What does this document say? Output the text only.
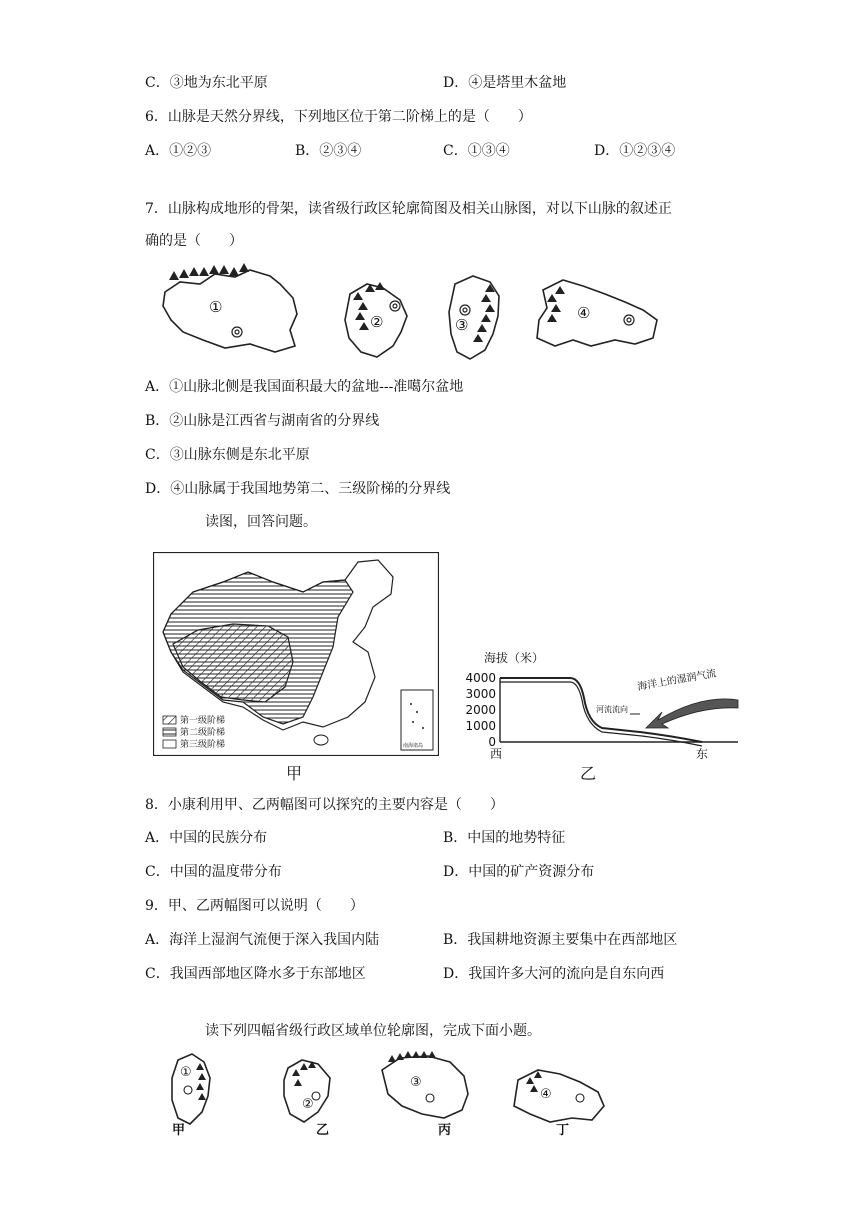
C．③地为东北平原	D．④是塔里木盆地
6．山脉是天然分界线，下列地区位于第二阶梯上的是（　　）
A．①②③	B．②③④	C．①③④	D．①②③④
7．山脉构成地形的骨架，读省级行政区轮廓简图及相关山脉图，对以下山脉的叙述正
确的是（　　）
①
②	③
④
A．①山脉北侧是我国面积最大的盆地---准噶尔盆地
B．②山脉是江西省与湖南省的分界线
C．③山脉东侧是东北平原
D．④山脉属于我国地势第二、三级阶梯的分界线
读图，回答问题。
第一级阶梯
第二级阶梯
第三级阶梯	南海诸岛
甲
海拔（米）
4000
3000
2000
1000
0
海洋上的湿润气流
河流流向
西	东
乙
8．小康利用甲、乙两幅图可以探究的主要内容是（　　）
A．中国的民族分布	B．中国的地势特征
C．中国的温度带分布	D．中国的矿产资源分布
9．甲、乙两幅图可以说明（　　）
A．海洋上湿润气流便于深入我国内陆	B．我国耕地资源主要集中在西部地区
C．我国西部地区降水多于东部地区	D．我国许多大河的流向是自东向西
读下列四幅省级行政区域单位轮廓图，完成下面小题。
①
②
③
④
甲	乙	丙	丁
